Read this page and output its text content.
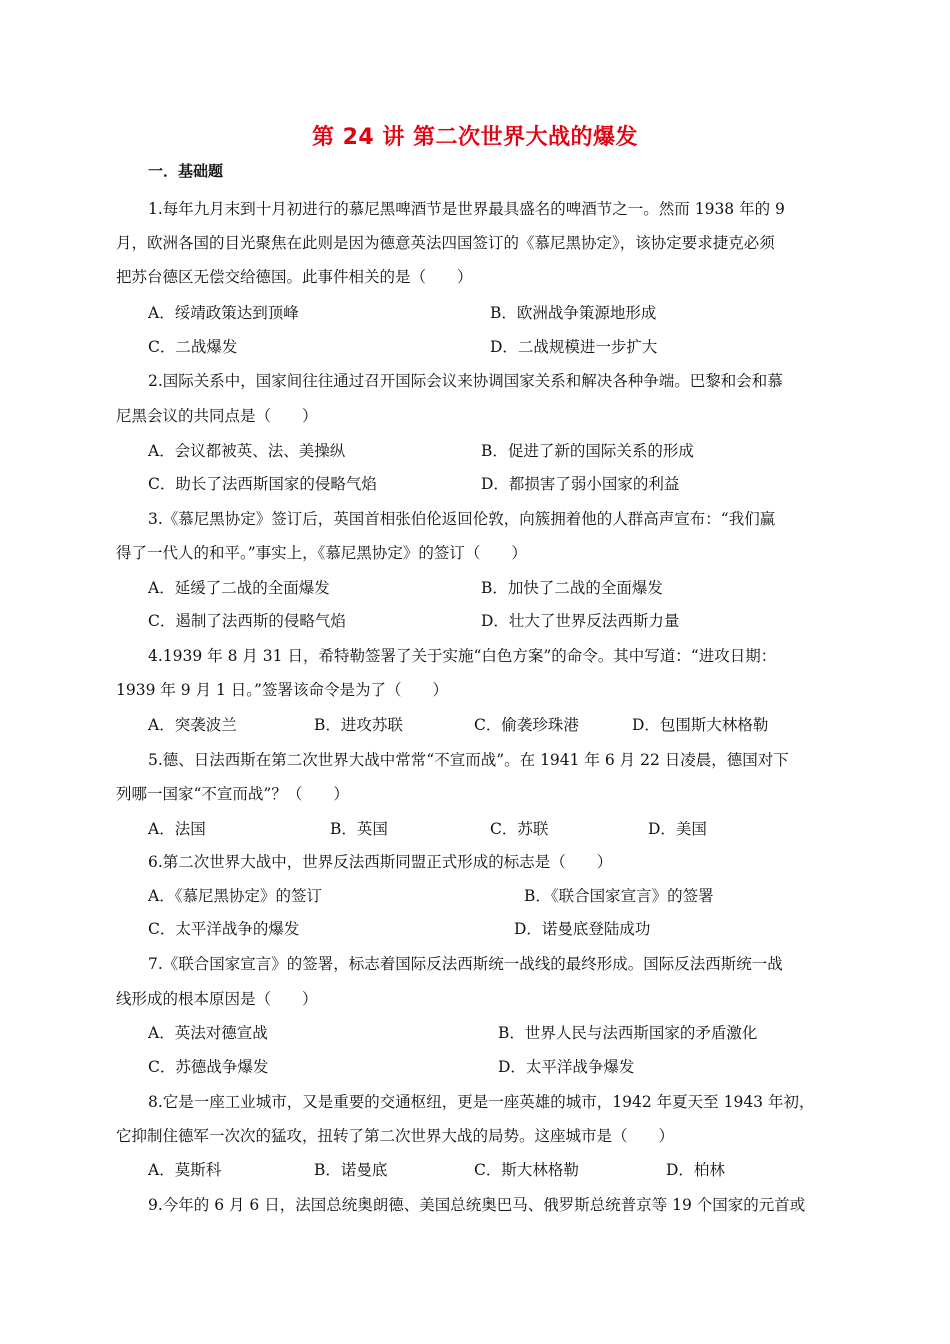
第 24 讲 第二次世界大战的爆发
一．基础题
1.每年九月末到十月初进行的慕尼黑啤酒节是世界最具盛名的啤酒节之一。然而 1938 年的 9
月，欧洲各国的目光聚焦在此则是因为德意英法四国签订的《慕尼黑协定》，该协定要求捷克必须
把苏台德区无偿交给德国。此事件相关的是（　　）
A．绥靖政策达到顶峰	B．欧洲战争策源地形成
C．二战爆发	D．二战规模进一步扩大
2.国际关系中，国家间往往通过召开国际会议来协调国家关系和解决各种争端。巴黎和会和慕
尼黑会议的共同点是（　　）
A．会议都被英、法、美操纵	B．促进了新的国际关系的形成
C．助长了法西斯国家的侵略气焰	D．都损害了弱小国家的利益
3.《慕尼黑协定》签订后，英国首相张伯伦返回伦敦，向簇拥着他的人群高声宣布：“我们赢
得了一代人的和平。”事实上，《慕尼黑协定》的签订（　　）
A．延缓了二战的全面爆发	B．加快了二战的全面爆发
C．遏制了法西斯的侵略气焰	D．壮大了世界反法西斯力量
4.1939 年 8 月 31 日，希特勒签署了关于实施“白色方案”的命令。其中写道：“进攻日期：
1939 年 9 月 1 日。”签署该命令是为了（　　）
A．突袭波兰	B．进攻苏联	C．偷袭珍珠港	D．包围斯大林格勒
5.德、日法西斯在第二次世界大战中常常“不宣而战”。在 1941 年 6 月 22 日凌晨，德国对下
列哪一国家“不宣而战”？（　　）
A．法国	B．英国	C．苏联	D．美国
6.第二次世界大战中，世界反法西斯同盟正式形成的标志是（　　）
A．《慕尼黑协定》的签订	B．《联合国家宣言》的签署
C．太平洋战争的爆发	D．诺曼底登陆成功
7.《联合国家宣言》的签署，标志着国际反法西斯统一战线的最终形成。国际反法西斯统一战
线形成的根本原因是（　　）
A．英法对德宣战	B．世界人民与法西斯国家的矛盾激化
C．苏德战争爆发	D．太平洋战争爆发
8.它是一座工业城市，又是重要的交通枢纽，更是一座英雄的城市，1942 年夏天至 1943 年初，
它抑制住德军一次次的猛攻，扭转了第二次世界大战的局势。这座城市是（　　）
A．莫斯科	B．诺曼底	C．斯大林格勒	D．柏林
9.今年的 6 月 6 日，法国总统奥朗德、美国总统奥巴马、俄罗斯总统普京等 19 个国家的元首或
